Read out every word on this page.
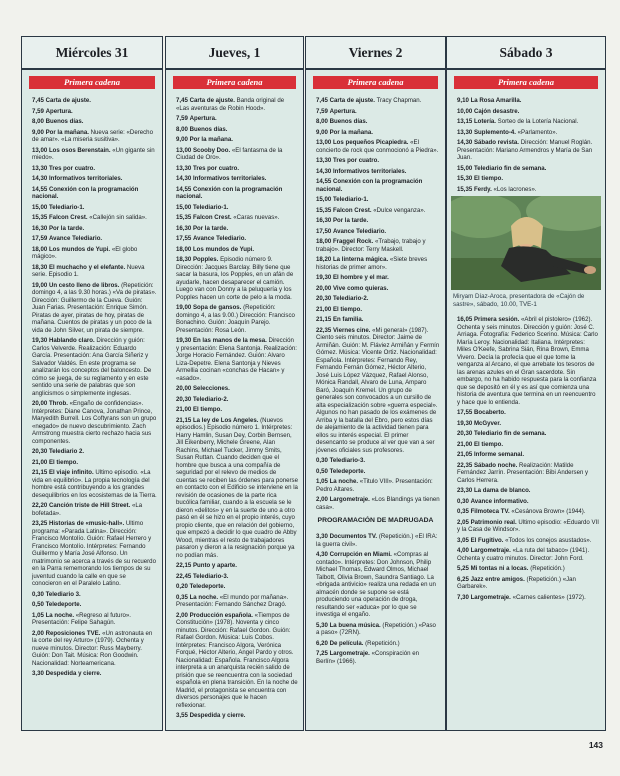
Miércoles 31
Primera cadena
7,45 Carta de ajuste.
7,59 Apertura.
8,00 Buenos días.
9,00 Por la mañana. Nueva serie: «Derecho de amar». «La miseria susitiva».
13,00 Los osos Berenstain. «Un gigante sin miedo».
13,30 Tres por cuatro.
14,30 Informativos territoriales.
14,55 Conexión con la programación nacional.
15,00 Telediario-1.
15,35 Falcon Crest. «Callejón sin salida».
16,30 Por la tarde.
17,59 Avance Telediario.
18,00 Los mundos de Yupi. «El globo mágico».
18,30 El muchacho y el elefante. Nueva serie. Episodio 1.
19,00 Un cesto lleno de libros. (Repetición: domingo 4, a las 9.30 horas.) «Va de piratas». Dirección: Guillermo de la Cueva. Guión: Juan Farias. Presentación: Enrique Simón. Piratas de ayer, piratas de hoy, piratas de mañana. Cuentos de piratas y un poco de la vida de John Silver, un pirata de siempre.
19,30 Hablando claro. Dirección y guión: Carlos Velverde. Realización: Eduardo García. Presentación: Ana García Siñeriz y Salvador Valdés. En este programa se analizarán los conceptos del baloncesto. De cómo se juega, de su reglamento y en este sentido una serie de palabras que son anglicismos o simplemente inglesas.
20,00 Throb. «Engaño de confidencias». Intérpretes: Diane Canova, Jonathan Prince, Maryedith Burrell. Los Coftyrans son un grupo «negado» de nuevo descubrimiento. Zach Armstrong muestra cierto rechazo hacia sus componentes.
20,30 Telediario 2.
21,00 El tiempo.
21,15 El viaje infinito. Ultimo episodio. «La vida en equilibrio». La propia tecnología del hombre está contribuyendo a los grandes desequilibrios en los ecosistemas de la Tierra.
22,20 Canción triste de Hill Street. «La bofetada».
23,25 Historias de «music-hall». Ultimo programa: «Parada Latina». Dirección: Francisco Montolío. Guión: Rafael Herrero y Francisco Montolío. Intérpretes: Fernando Guillermo y María José Alfonso. Un matrimonio se acerca a través de su recuerdo en la Parra rememorando los tiempos de su juventud cuando la calle en que se conocieron en el Paralelo Latino.
0,30 Telediario 3.
0,50 Teledeporte.
1,05 La noche. «Regreso al futuro». Presentación: Felipe Sahagún.
2,00 Reposiciones TVE. «Un astronauta en la corte del rey Arturo» (1979). Ochenta y nueve minutos. Director: Russ Mayberry. Guión: Don Tait. Música: Ron Goodwin. Nacionalidad: Norteamericana.
3,30 Despedida y cierre.
Jueves, 1
Primera cadena
7,45 Carta de ajuste. Banda original de «Las aventuras de Robin Hood».
7,59 Apertura.
8,00 Buenos días.
9,00 Por la mañana.
13,00 Scooby Doo. «El fantasma de la Ciudad de Oro».
13,30 Tres por cuatro.
14,30 Informativos territoriales.
14,55 Conexión con la programación nacional.
15,00 Telediario-1.
15,35 Falcon Crest. «Caras nuevas».
16,30 Por la tarde.
17,55 Avance Telediario.
18,00 Los mundos de Yupi.
18,30 Popples. Episodio número 9. Dirección: Jacques Barclay. Billy tiene que sacar la basura, los Popples, en un afán de ayudarle, hacen desaparecer el camión. Luego van con Donny a la peluquería y los Popples hacen un corte de pelo a la moda.
19,00 Sopa de gansos. (Repetición: domingo 4, a las 9.00.) Dirección: Francisco Bonachino. Guión: Joaquín Parejo. Presentación: Rosa León.
19,30 En las manos de la mesa. Dirección y presentación: Elena Santonja. Realización: Jorge Horacio Fernández. Guión: Alvaro Liza-Depetre. Elena Santonja y Nieves Armellia cocinan «conchas de Hacan» y «asado».
20,00 Selecciones.
20,30 Telediario-2.
21,00 El tiempo.
21,15 La ley de Los Angeles. (Nuevos episodios.) Episodio número 1. Intérpretes: Harry Hamlin, Susan Dey, Corbin Bernsen, Jill Eikenberry, Michele Greene, Alan Rachins, Michael Tucker, Jimmy Smits, Susan Ruttan. Cuando deciden que el hombre que busca a una compañía de seguridad por el relevo de medios de cuentas se reciben las órdenes para ponerse en contacto con el Edificio se interviene en la revisión de ocasiones de la parte rica bucólica familiar, cuando a la escuela se le dieron «delitos» y en la suerte de uno a otro pasó en él se hizo en el propio interés, cuyo propio cliente, que en relación del gobierno, que empezó a decidir lo que cuadro de Abby Wood, mientras el resto de trabajadores pasaron y dieron a la resignación porque ya no podían más.
22,15 Punto y aparte.
22,45 Telediario-3.
0,20 Teledeporte.
0,35 La noche. «El mundo por mañana». Presentación: Fernando Sánchez Dragó.
2,00 Producción española. «Tiempos de Constitución» (1978). Noventa y cinco minutos. Dirección: Rafael Gordon. Guión: Rafael Gordon. Música: Luis Cobos. Intérpretes: Francisco Algora, Verónica Forqué, Héctor Alterio, Angel Pardo y otros. Nacionalidad: Española. Francisco Algora interpreta a un anarquista recién salido de prisión que se reencuentra con la sociedad española en plena transición. En la noche de Madrid, el protagonista se encuentra con diversos personajes que le hacen reflexionar.
3,55 Despedida y cierre.
Viernes 2
Primera cadena
7,45 Carta de ajuste. Tracy Chapman.
7,59 Apertura.
8,00 Buenos días.
9,00 Por la mañana.
13,00 Los pequeños Picapiedra. «El concierto de rock que conmocionó a Piedra».
13,30 Tres por cuatro.
14,30 Informativos territoriales.
14,55 Conexión con la programación nacional.
15,00 Telediario-1.
15,35 Falcon Crest. «Dulce venganza».
16,30 Por la tarde.
17,50 Avance Telediario.
18,00 Fraggel Rock. «Trabajo, trabajo y trabajo». Director: Terry Maskell.
18,20 La linterna mágica. «Siete breves historias de primer amor».
19,30 El hombre y el mar.
20,00 Vive como quieras.
20,30 Telediario-2.
21,00 El tiempo.
21,15 En familia.
22,35 Viernes cine. «Mi general» (1987). Ciento seis minutos. Director: Jaime de Armiñán. Guión: M. Fláviez Armiñán y Fermín Gómez. Música: Vicente Ortiz. Nacionalidad: Española. Intérpretes: Fernando Rey, Fernando Fernán Gómez, Héctor Alterio, José Luis López Vázquez, Rafael Alonso, Mónica Randall, Alvaro de Luna, Amparo Baró, Joaquín Kremel. Un grupo de generales son convocados a un cursillo de alta especialización sobre «guerra especial». Algunos no han pasado de los exámenes de Arriba y la batalla del Ebro, pero estos días de alejamiento de la actividad tienen para ellos su interés especial. El primer desencanto se produce al ver que van a ser jóvenes oficiales sus profesores.
0,30 Telediario-3.
0,50 Teledeporte.
1,05 La noche. «Titulo VIII». Presentación: Pedro Altares.
2,00 Largometraje. «Los Blandings ya tienen casa».
PROGRAMACIÓN DE MADRUGADA
3,30 Documentos TV. (Repetición.) «El IRA: la guerra civil».
4,30 Corrupción en Miami. «Compras al contado». Intérpretes: Don Johnson, Philip Michael Thomas, Edward Olmos, Michael Talbott, Olivia Brown, Saundra Santiago. La «brigada antivicio» realiza una redada en un almacén donde se supone se está produciendo una operación de droga, resultando ser «aduca» por lo que se investiga el engaño.
5,30 La buena música. (Repetición.) «Paso a paso» (72RN).
6,20 De película. (Repetición.)
7,25 Largometraje. «Conspiración en Berlín» (1966).
Sábado 3
Primera cadena
9,10 La Rosa Amarilla.
10,00 Cajón desastre.
13,15 Lotería. Sorteo de la Lotería Nacional.
13,30 Suplemento-4. «Parlamento».
14,30 Sábado revista. Dirección: Manuel Roglán. Presentación: Mariano Armendros y María de San Juan.
15,00 Telediario fin de semana.
15,30 El tiempo.
15,35 Ferdy. «Los lacrones».
Miryam Díaz-Aroca, presentadora de «Cajón de sastre», sábado, 10.00, TVE-1
16,05 Primera sesión. «Abril el pistolero» (1962). Ochenta y seis minutos. Dirección y guión: José C. Arriaga. Fotografía: Federico Scerino. Música: Carlo María Leroy. Nacionalidad: Italiana. Intérpretes: Miles O'Keefe, Sabrina Sián, Rina Brown, Emma Vivero. Decía la profecía que el que tome la venganza al Arcano, el que arrebate los tesoros de las arenas azules en el Gran sacerdote. Sin embargo, no ha habido respuesta para la confianza que se depositó en él y es así que comienza una historia de aventura que termina en un reencuentro y hace que lo entienda.
17,55 Bocaberto.
19,30 McGyver.
20,30 Telediario fin de semana.
21,00 El tiempo.
21,05 Informe semanal.
22,35 Sábado noche. Realización: Matilde Fernández Jarrín. Presentación: Bibi Andersen y Carlos Herrera.
23,30 La dama de blanco.
0,30 Avance informativo.
0,35 Filmoteca TV. «Cesánova Brown» (1944).
2,05 Patrimonio real. Ultimo episodio: «Eduardo VII y la Casa de Windsor».
3,05 El Fugitivo. «Todos los conejos asustados».
4,00 Largometraje. «La ruta del tabaco» (1941). Ochenta y cuatro minutos. Director: John Ford.
5,25 Mi tontas ni a locas. (Repetición.)
6,25 Jazz entre amigos. (Repetición.) «Jan Garbarek».
7,30 Largometraje. «Carnes calientes» (1972).
143
